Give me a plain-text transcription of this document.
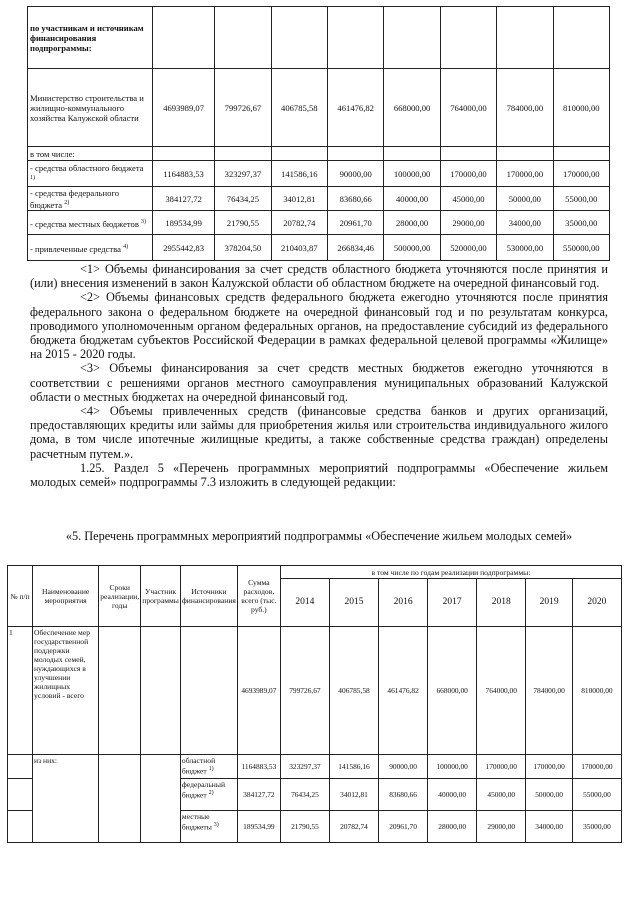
по участникам и источникам финансирования подпрограммы:								
Министерство строительства и жилищно-коммунального хозяйства Калужской области	4693989,07	799726,67	406785,58	461476,82	668000,00	764000,00	784000,00	810000,00
в том числе:								
- средства областного бюджета $^{1)}$	1164883,53	323297,37	141586,16	90000,00	100000,00	170000,00	170000,00	170000,00
- средства федерального бюджета $^{2)}$	384127,72	76434,25	34012,81	83680,66	40000,00	45000,00	50000,00	55000,00
- средства местных бюджетов $^{3)}$	189534,99	21790,55	20782,74	20961,70	28000,00	29000,00	34000,00	35000,00
- привлеченные средства $^{4)}$	2955442,83	378204,50	210403,87	266834,46	500000,00	520000,00	530000,00	550000,00

<1> Объемы финансирования за счет средств областного бюджета уточняются после принятия и (или) внесения изменений в закон Калужской области об областном бюджете на очередной финансовый год.

<2> Объемы финансовых средств федерального бюджета ежегодно уточняются после принятия федерального закона о федеральном бюджете на очередной финансовый год и по результатам конкурса, проводимого уполномоченным органом федеральных органов, на предоставление субсидий из федерального бюджета бюджетам субъектов Российской Федерации в рамках федеральной целевой программы «Жилище» на 2015 - 2020 годы.

<3> Объемы финансирования за счет средств местных бюджетов ежегодно уточняются в соответствии с решениями органов местного самоуправления муниципальных образований Калужской области о местных бюджетах на очередной финансовый год.

<4> Объемы привлеченных средств (финансовые средства банков и других организаций, предоставляющих кредиты или займы для приобретения жилья или строительства индивидуального жилого дома, в том числе ипотечные жилищные кредиты, а также собственные средства граждан) определены расчетным путем.».

1.25. Раздел 5 «Перечень программных мероприятий подпрограммы «Обеспечение жильем молодых семей» подпрограммы 7.3 изложить в следующей редакции:

«5. Перечень программных мероприятий подпрограммы «Обеспечение жильем молодых семей»
№ п/п	Наименование мероприятия	Сроки реализации, годы	Участник программы	Источники финансирования	Сумма расходов, всего (тыс. руб.)	в том числе по годам реализации подпрограммы:						
						2014	2015	2016	2017	2018	2019	2020
1	Обеспечение мер государственной поддержки молодых семей, нуждающихся в улучшении жилищных условий - всего				4693989,07	799726,67	406785,58	461476,82	668000,00	764000,00	784000,00	810000,00
	из них:			областной бюджет $^{1)}$	1164883,53	323297,37	141586,16	90000,00	100000,00	170000,00	170000,00	170000,00
				федеральный бюджет $^{2)}$	384127,72	76434,25	34012,81	83680,66	40000,00	45000,00	50000,00	55000,00
				местные бюджеты $^{3)}$	189534,99	21790,55	20782,74	20961,70	28000,00	29000,00	34000,00	35000,00
